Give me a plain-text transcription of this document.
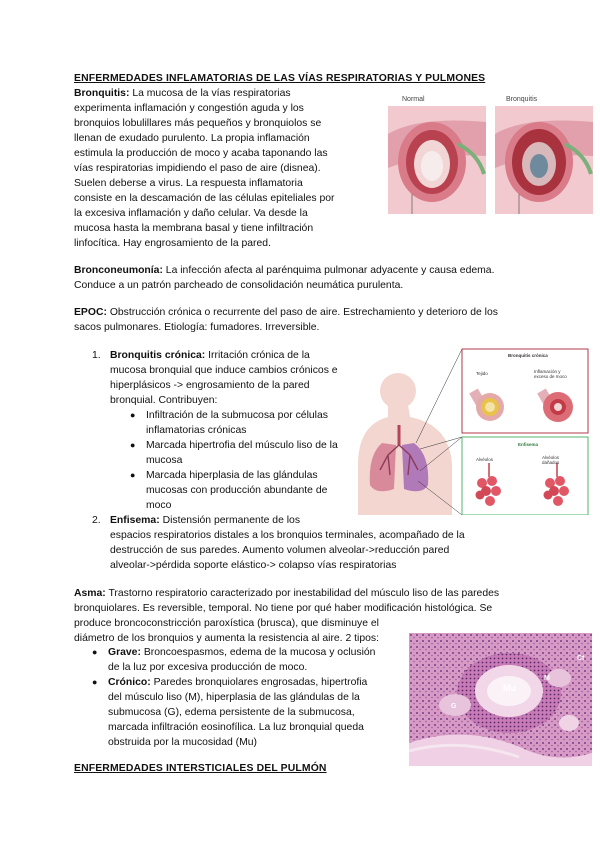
ENFERMEDADES INFLAMATORIAS DE LAS VÍAS RESPIRATORIAS Y PULMONES
Bronquitis: La mucosa de la vías respiratorias
experimenta inflamación y congestión aguda y los
bronquios lobulillares más pequeños y bronquiolos se
llenan de exudado purulento. La propia inflamación
estimula la producción de moco y acaba taponando las
vías respiratorias impidiendo el paso de aire (disnea).
Suelen deberse a virus. La respuesta inflamatoria
consiste en la descamación de las células epiteliales por
la excesiva inflamación y daño celular. Va desde la
mucosa hasta la membrana basal y tiene infiltración
linfocítica. Hay engrosamiento de la pared.
Normal	Bronquitis
Bronconeumonía: La infección afecta al parénquima pulmonar adyacente y causa edema.
Conduce a un patrón parcheado de consolidación neumática purulenta.
EPOC: Obstrucción crónica o recurrente del paso de aire. Estrechamiento y deterioro de los
sacos pulmonares. Etiología: fumadores. Irreversible.
1. Bronquitis crónica: Irritación crónica de la
mucosa bronquial que induce cambios crónicos e
hiperplásicos -> engrosamiento de la pared
bronquial. Contribuyen:
● Infiltración de la submucosa por células
inflamatorias crónicas
● Marcada hipertrofia del músculo liso de la
mucosa
● Marcada hiperplasia de las glándulas
mucosas con producción abundante de
moco
2. Enfisema: Distensión permanente de los
espacios respiratorios distales a los bronquios terminales, acompañado de la
destrucción de sus paredes. Aumento volumen alveolar->reducción pared
alveolar->pérdida soporte elástico-> colapso vías respiratorias
Bronquitis crónica
Tejido	Inflamación y exceso de moco
Enfisema
Alvéolos	Alvéolos dañados
Asma: Trastorno respiratorio caracterizado por inestabilidad del músculo liso de las paredes
bronquiolares. Es reversible, temporal. No tiene por qué haber modificación histológica. Se
produce broncoconstricción paroxística (brusca), que disminuye el
diámetro de los bronquios y aumenta la resistencia al aire. 2 tipos:
● Grave: Broncoespasmos, edema de la mucosa y oclusión
de la luz por excesiva producción de moco.
● Crónico: Paredes bronquiolares engrosadas, hipertrofia
del músculo liso (M), hiperplasia de las glándulas de la
submucosa (G), edema persistente de la submucosa,
marcada infiltración eosinofílica. La luz bronquial queda
obstruida por la mucosidad (Mu)
Mu
M
G
Ct
ENFERMEDADES INTERSTICIALES DEL PULMÓN
